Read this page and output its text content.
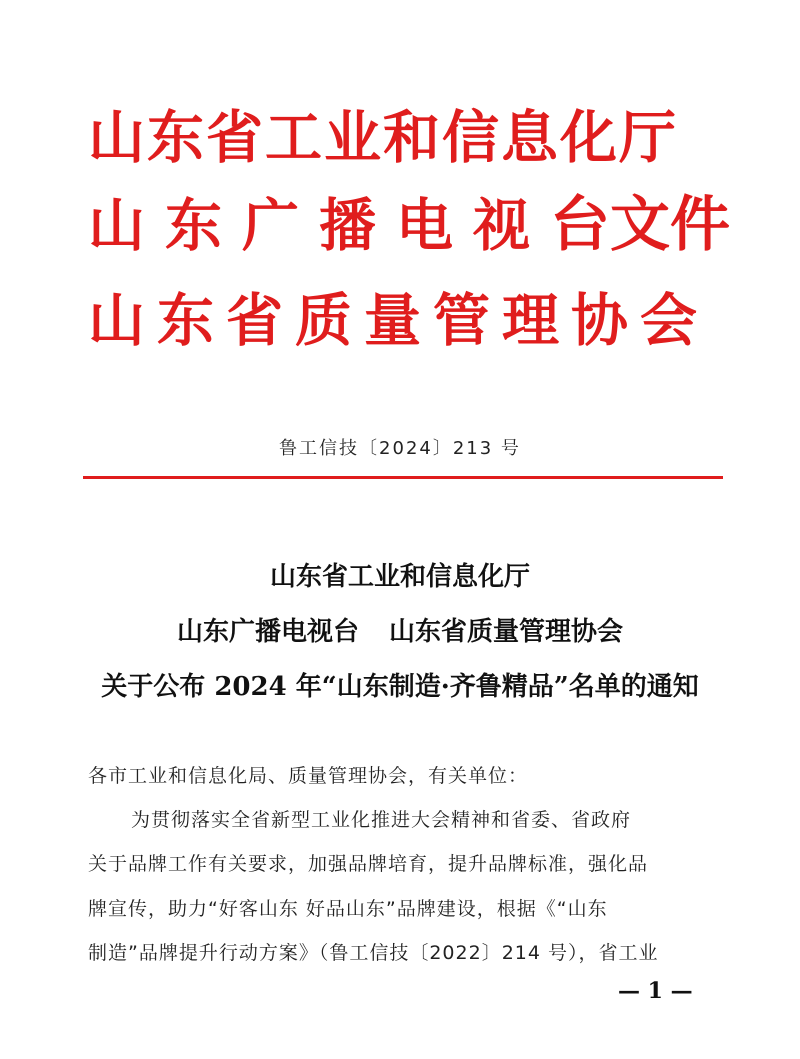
山东省工业和信息化厅
山东广播电视台文件
山东省质量管理协会
鲁工信技〔2024〕213 号
山东省工业和信息化厅
山东广播电视台 山东省质量管理协会
关于公布 2024 年“山东制造·齐鲁精品”名单的通知
各市工业和信息化局、质量管理协会，有关单位：
为贯彻落实全省新型工业化推进大会精神和省委、省政府
关于品牌工作有关要求，加强品牌培育，提升品牌标准，强化品
牌宣传，助力“好客山东 好品山东”品牌建设，根据《“山东
制造”品牌提升行动方案》（鲁工信技〔2022〕214 号），省工业
— 1 —
